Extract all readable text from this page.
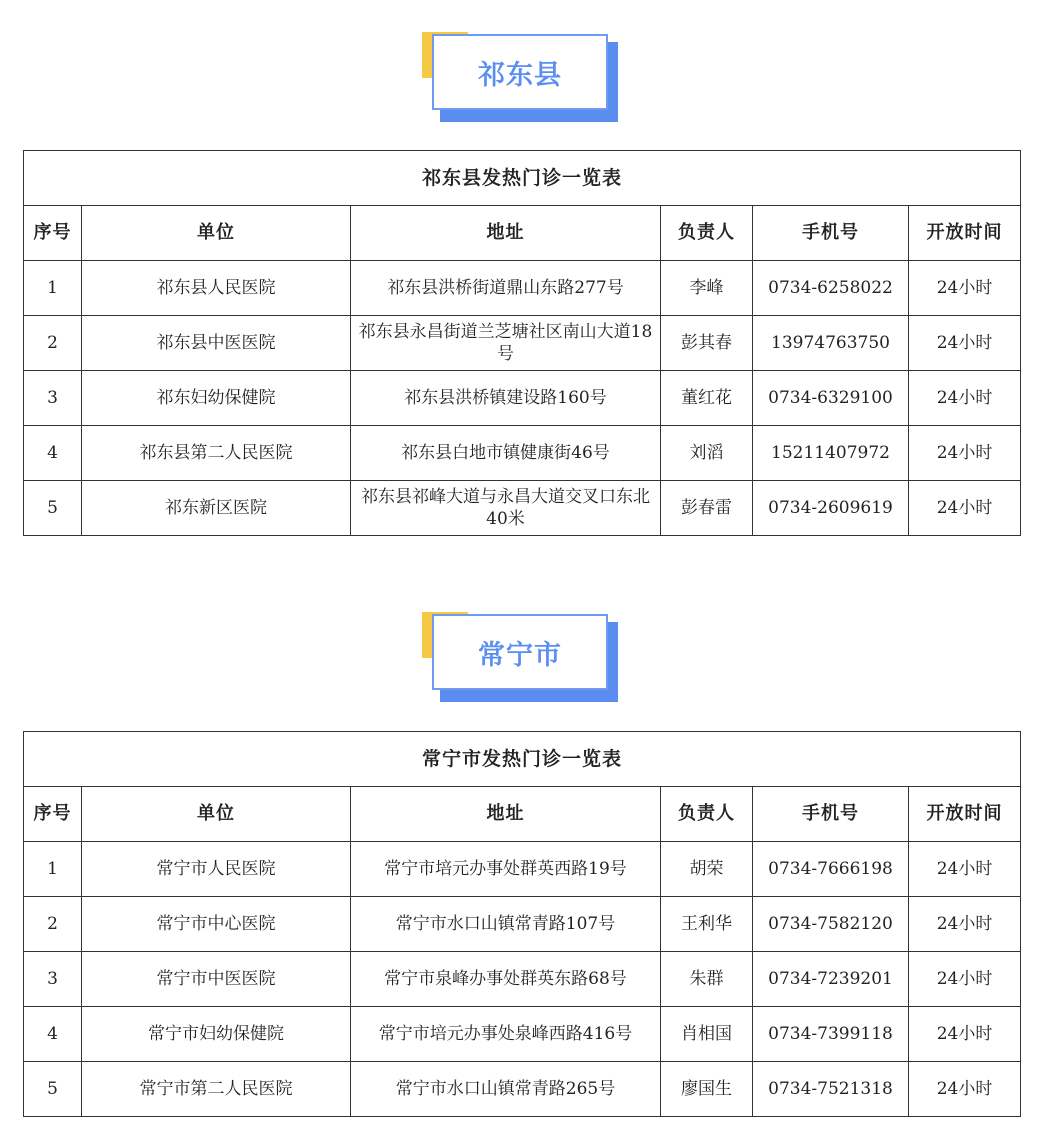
祁东县
祁东县发热门诊一览表					
序号	单位	地址	负责人	手机号	开放时间
1	祁东县人民医院	祁东县洪桥街道鼎山东路277号	李峰	0734-6258022	24小时
2	祁东县中医医院	祁东县永昌街道兰芝塘社区南山大道18号	彭其春	13974763750	24小时
3	祁东妇幼保健院	祁东县洪桥镇建设路160号	董红花	0734-6329100	24小时
4	祁东县第二人民医院	祁东县白地市镇健康街46号	刘滔	15211407972	24小时
5	祁东新区医院	祁东县祁峰大道与永昌大道交叉口东北40米	彭春雷	0734-2609619	24小时
常宁市
常宁市发热门诊一览表					
序号	单位	地址	负责人	手机号	开放时间
1	常宁市人民医院	常宁市培元办事处群英西路19号	胡荣	0734-7666198	24小时
2	常宁市中心医院	常宁市水口山镇常青路107号	王利华	0734-7582120	24小时
3	常宁市中医医院	常宁市泉峰办事处群英东路68号	朱群	0734-7239201	24小时
4	常宁市妇幼保健院	常宁市培元办事处泉峰西路416号	肖相国	0734-7399118	24小时
5	常宁市第二人民医院	常宁市水口山镇常青路265号	廖国生	0734-7521318	24小时
